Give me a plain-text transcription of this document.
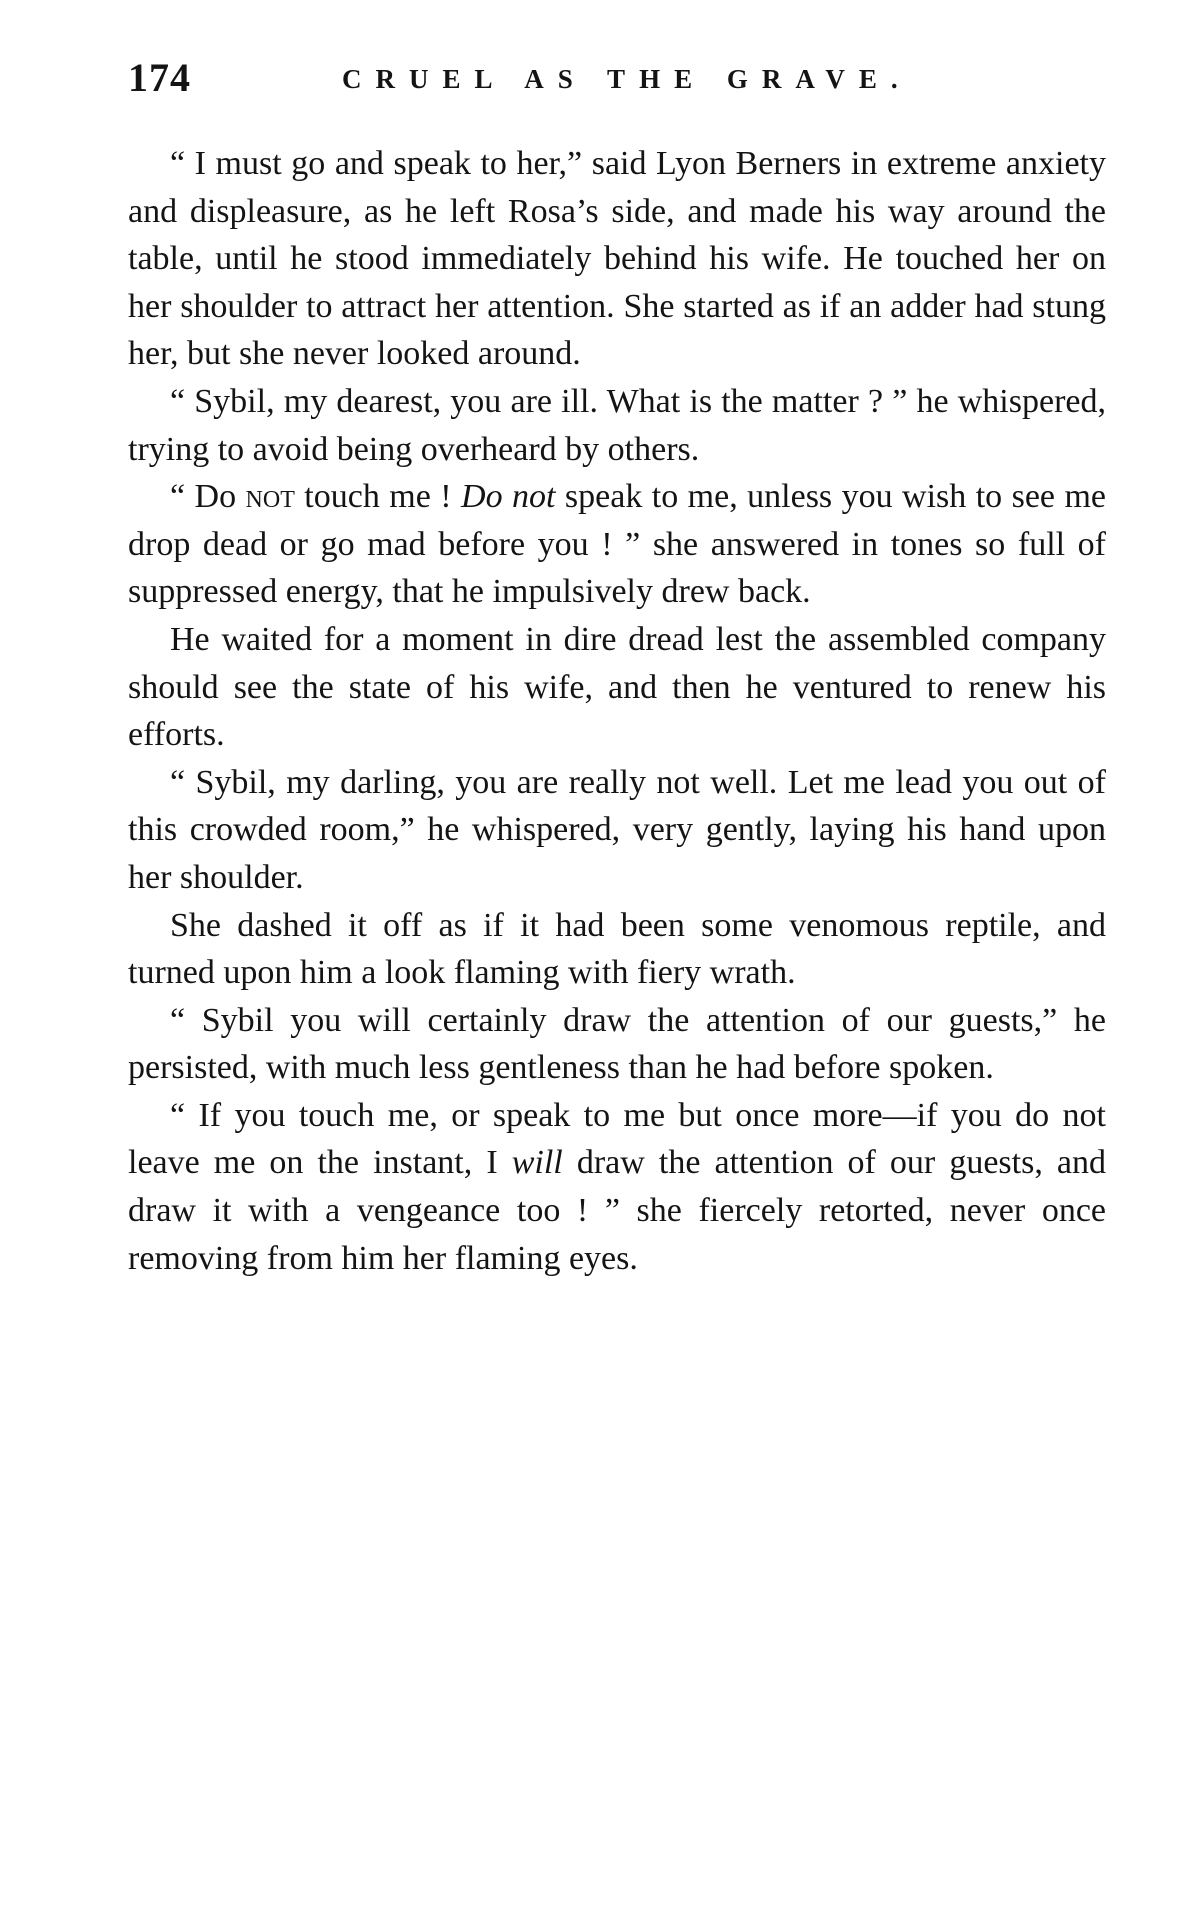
174	CRUEL AS THE GRAVE.

“ I must go and speak to her,” said Lyon Berners in extreme anxiety and displeasure, as he left Rosa’s side, and made his way around the table, until he stood immediately behind his wife. He touched her on her shoulder to attract her attention. She started as if an adder had stung her, but she never looked around.

“ Sybil, my dearest, you are ill. What is the matter ? ” he whispered, trying to avoid being overheard by others.

“ Do not touch me ! Do not speak to me, unless you wish to see me drop dead or go mad before you ! ” she answered in tones so full of suppressed energy, that he impulsively drew back.

He waited for a moment in dire dread lest the assembled company should see the state of his wife, and then he ventured to renew his efforts.

“ Sybil, my darling, you are really not well. Let me lead you out of this crowded room,” he whispered, very gently, laying his hand upon her shoulder.

She dashed it off as if it had been some venomous reptile, and turned upon him a look flaming with fiery wrath.

“ Sybil you will certainly draw the attention of our guests,” he persisted, with much less gentleness than he had before spoken.

“ If you touch me, or speak to me but once more—if you do not leave me on the instant, I will draw the attention of our guests, and draw it with a vengeance too ! ” she fiercely retorted, never once removing from him her flaming eyes.
